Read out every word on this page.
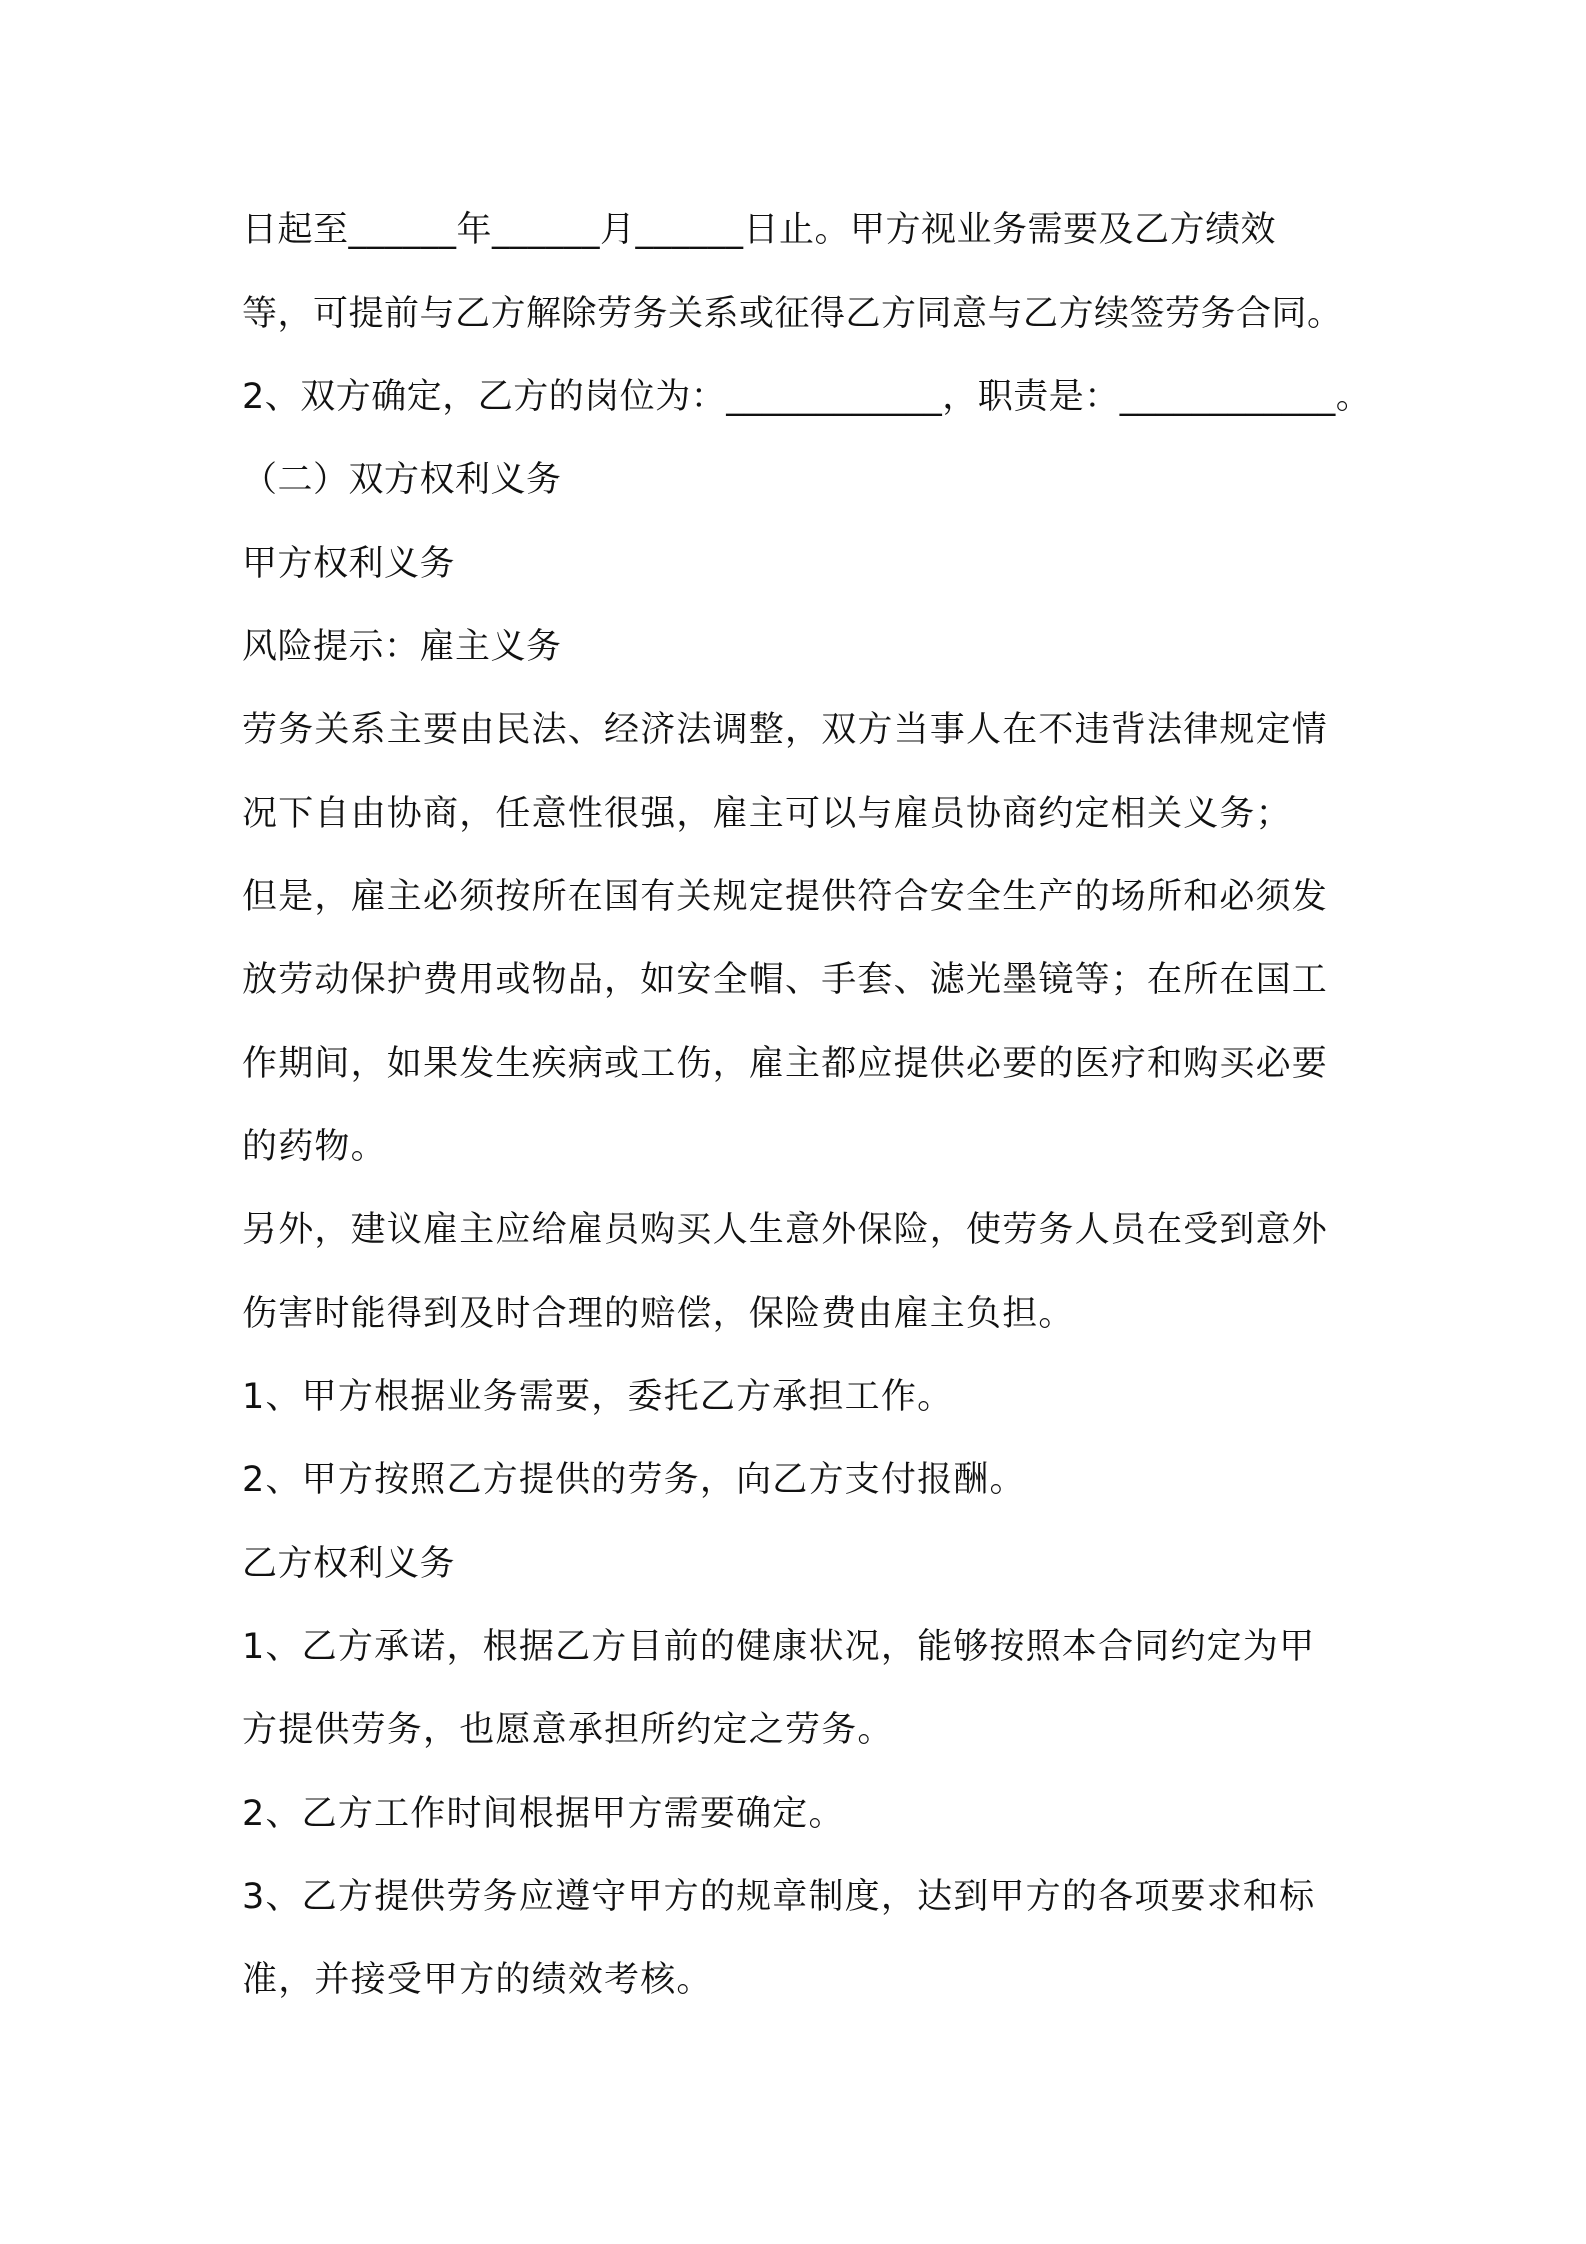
日起至______年______月______日止。甲方视业务需要及乙方绩效
等，可提前与乙方解除劳务关系或征得乙方同意与乙方续签劳务合同。
2、双方确定，乙方的岗位为：____________，职责是：____________。
（二）双方权利义务
甲方权利义务
风险提示：雇主义务
劳务关系主要由民法、经济法调整，双方当事人在不违背法律规定情
况下自由协商，任意性很强，雇主可以与雇员协商约定相关义务；
但是，雇主必须按所在国有关规定提供符合安全生产的场所和必须发
放劳动保护费用或物品，如安全帽、手套、滤光墨镜等；在所在国工
作期间，如果发生疾病或工伤，雇主都应提供必要的医疗和购买必要
的药物。
另外，建议雇主应给雇员购买人生意外保险，使劳务人员在受到意外
伤害时能得到及时合理的赔偿，保险费由雇主负担。
1、甲方根据业务需要，委托乙方承担工作。
2、甲方按照乙方提供的劳务，向乙方支付报酬。
乙方权利义务
1、乙方承诺，根据乙方目前的健康状况，能够按照本合同约定为甲
方提供劳务，也愿意承担所约定之劳务。
2、乙方工作时间根据甲方需要确定。
3、乙方提供劳务应遵守甲方的规章制度，达到甲方的各项要求和标
准，并接受甲方的绩效考核。
